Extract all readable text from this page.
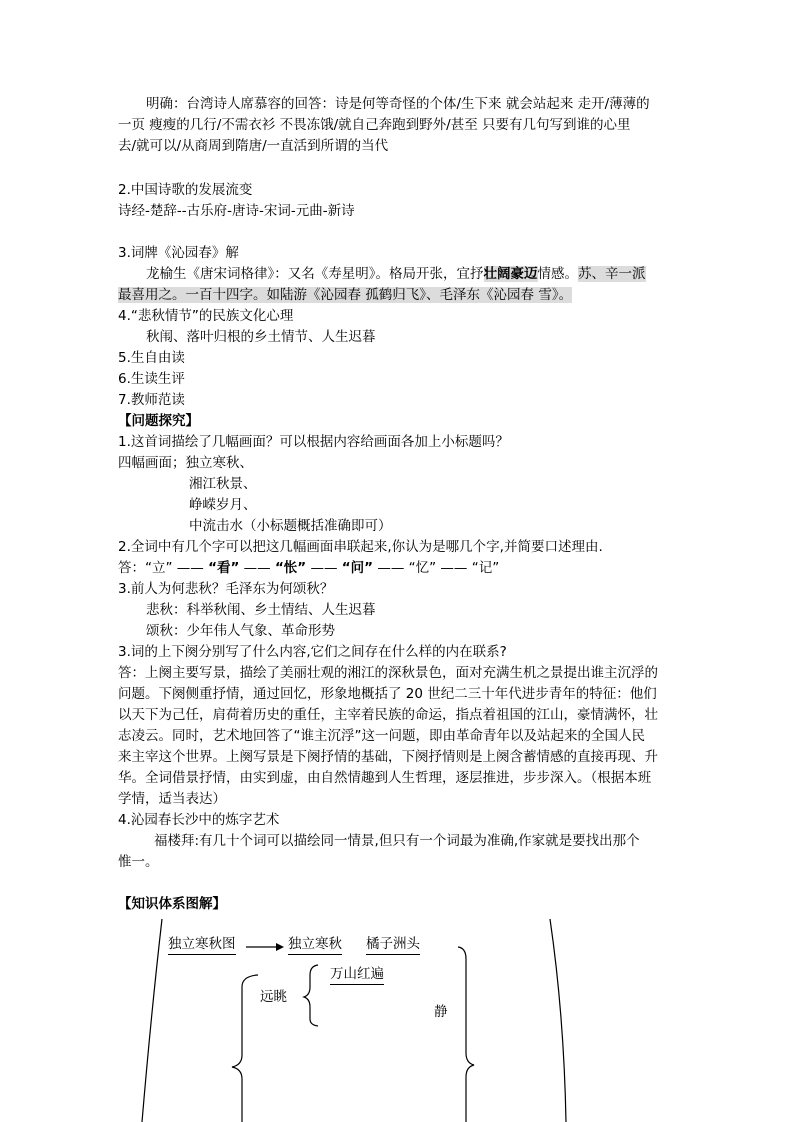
明确：台湾诗人席慕容的回答：诗是何等奇怪的个体/生下来 就会站起来 走开/薄薄的
一页 瘦瘦的几行/不需衣衫 不畏冻饿/就自己奔跑到野外/甚至 只要有几句写到谁的心里
去/就可以/从商周到隋唐/一直活到所谓的当代
2.中国诗歌的发展流变
诗经-楚辞--古乐府-唐诗-宋词-元曲-新诗
3.词牌《沁园春》解
龙榆生《唐宋词格律》：又名《寿星明》。格局开张，宜抒壮阔豪迈情感。苏、辛一派
最喜用之。一百十四字。如陆游《沁园春 孤鹤归飞》、毛泽东《沁园春 雪》。
4.“悲秋情节”的民族文化心理
秋闱、落叶归根的乡土情节、人生迟暮
5.生自由读
6.生读生评
7.教师范读
【问题探究】
1.这首词描绘了几幅画面？可以根据内容给画面各加上小标题吗？
四幅画面；独立寒秋、
湘江秋景、
峥嵘岁月、
中流击水（小标题概括准确即可）
2.全词中有几个字可以把这几幅画面串联起来,你认为是哪几个字,并简要口述理由.
答：“立” —— “看” —— “怅” —— “问” —— “忆” —— “记”
3.前人为何悲秋？毛泽东为何颂秋？
悲秋：科举秋闱、乡土情结、人生迟暮
颂秋：少年伟人气象、革命形势
3.词的上下阕分别写了什么内容,它们之间存在什么样的内在联系?
答：上阕主要写景，描绘了美丽壮观的湘江的深秋景色，面对充满生机之景提出谁主沉浮的
问题。下阕侧重抒情，通过回忆，形象地概括了 20 世纪二三十年代进步青年的特征：他们
以天下为己任，肩荷着历史的重任，主宰着民族的命运，指点着祖国的江山，豪情满怀，壮
志凌云。同时，艺术地回答了“谁主沉浮”这一问题，即由革命青年以及站起来的全国人民
来主宰这个世界。上阕写景是下阕抒情的基础，下阕抒情则是上阕含蓄情感的直接再现、升
华。全词借景抒情，由实到虚，由自然情趣到人生哲理，逐层推进，步步深入。（根据本班
学情，适当表达）
4.沁园春长沙中的炼字艺术
福楼拜:有几十个词可以描绘同一情景,但只有一个词最为准确,作家就是要找出那个
惟一。
【知识体系图解】
独立寒秋图	独立寒秋 橘子洲头
万山红遍
远眺
静
